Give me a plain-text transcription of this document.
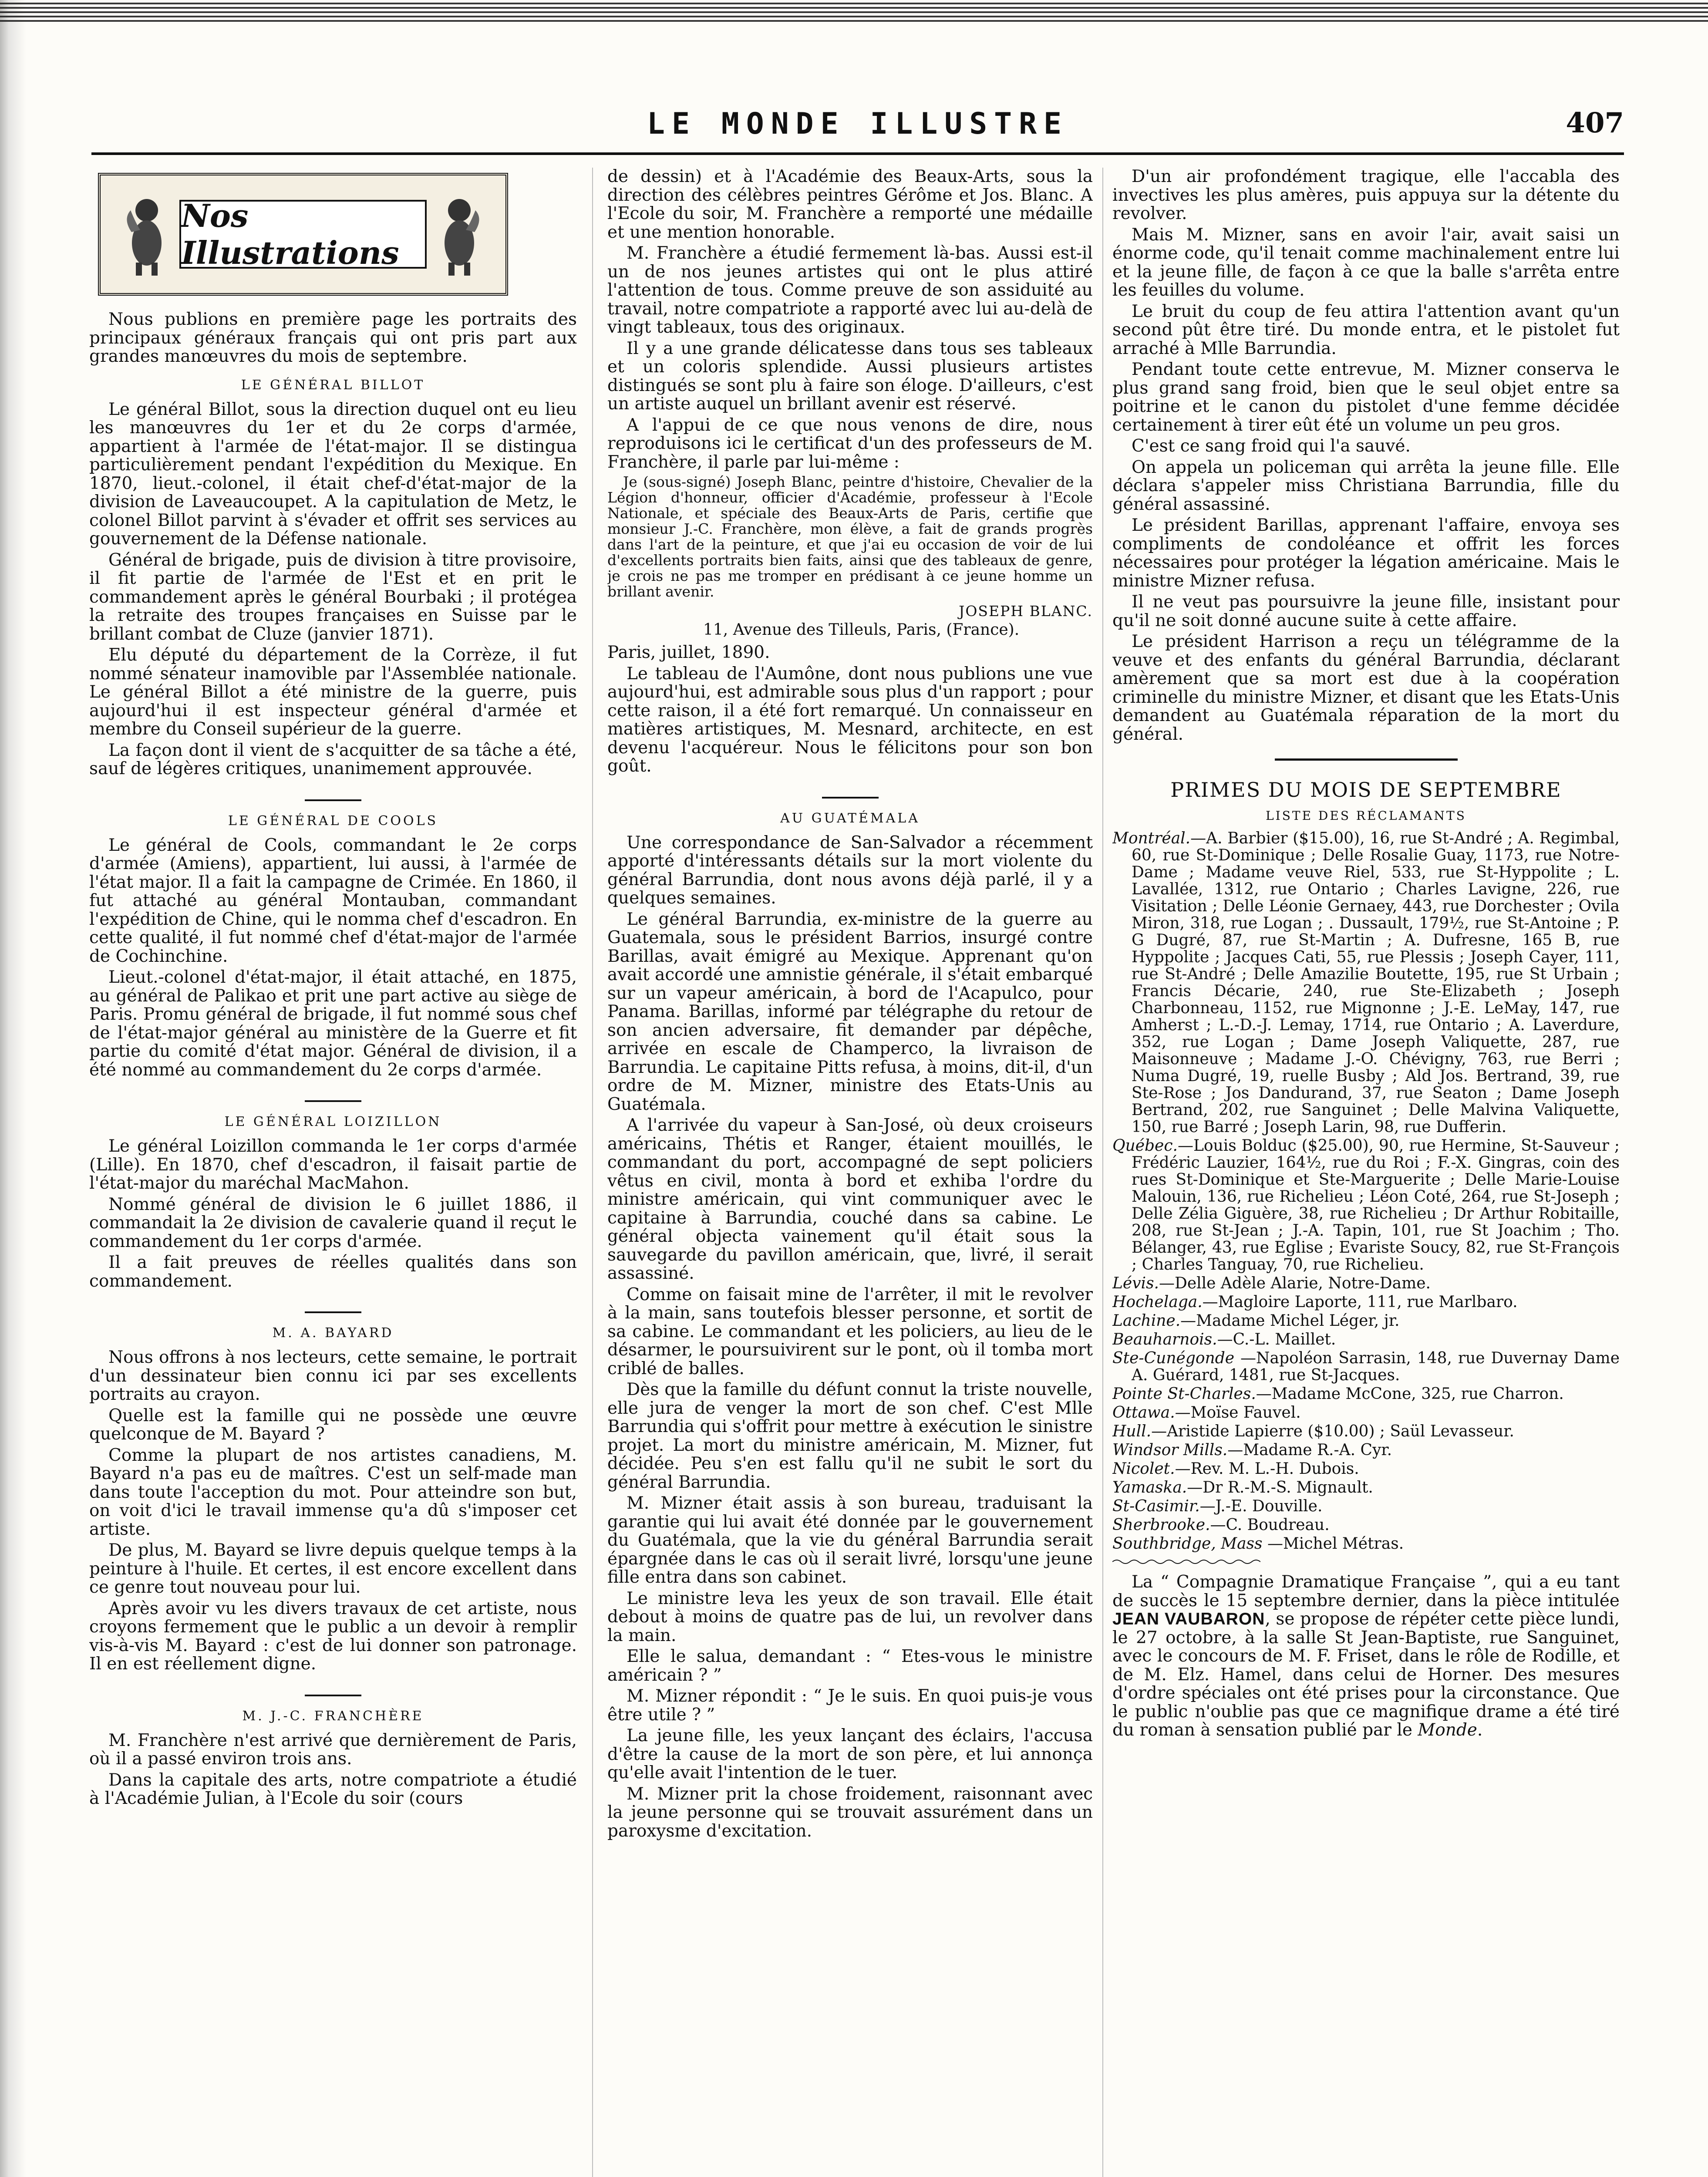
LE MONDE ILLUSTRE	407
Nos Illustrations

Nous publions en première page les portraits des principaux généraux français qui ont pris part aux grandes manœuvres du mois de septembre.

LE GÉNÉRAL BILLOT

Le général Billot, sous la direction duquel ont eu lieu les manœuvres du 1er et du 2e corps d'armée, appartient à l'armée de l'état-major. Il se distingua particulièrement pendant l'expédition du Mexique. En 1870, lieut.-colonel, il était chef-d'état-major de la division de Laveaucoupet. A la capitulation de Metz, le colonel Billot parvint à s'évader et offrit ses services au gouvernement de la Défense nationale.

Général de brigade, puis de division à titre provisoire, il fit partie de l'armée de l'Est et en prit le commandement après le général Bourbaki ; il protégea la retraite des troupes françaises en Suisse par le brillant combat de Cluze (janvier 1871).

Elu député du département de la Corrèze, il fut nommé sénateur inamovible par l'Assemblée nationale. Le général Billot a été ministre de la guerre, puis aujourd'hui il est inspecteur général d'armée et membre du Conseil supérieur de la guerre.

La façon dont il vient de s'acquitter de sa tâche a été, sauf de légères critiques, unanimement approuvée.

LE GÉNÉRAL DE COOLS

Le général de Cools, commandant le 2e corps d'armée (Amiens), appartient, lui aussi, à l'armée de l'état major. Il a fait la campagne de Crimée. En 1860, il fut attaché au général Montauban, commandant l'expédition de Chine, qui le nomma chef d'escadron. En cette qualité, il fut nommé chef d'état-major de l'armée de Cochinchine.

Lieut.-colonel d'état-major, il était attaché, en 1875, au général de Palikao et prit une part active au siège de Paris. Promu général de brigade, il fut nommé sous chef de l'état-major général au ministère de la Guerre et fit partie du comité d'état major. Général de division, il a été nommé au commandement du 2e corps d'armée.

LE GÉNÉRAL LOIZILLON

Le général Loizillon commanda le 1er corps d'armée (Lille). En 1870, chef d'escadron, il faisait partie de l'état-major du maréchal MacMahon.

Nommé général de division le 6 juillet 1886, il commandait la 2e division de cavalerie quand il reçut le commandement du 1er corps d'armée.

Il a fait preuves de réelles qualités dans son commandement.

M. A. BAYARD

Nous offrons à nos lecteurs, cette semaine, le portrait d'un dessinateur bien connu ici par ses excellents portraits au crayon.

Quelle est la famille qui ne possède une œuvre quelconque de M. Bayard ?

Comme la plupart de nos artistes canadiens, M. Bayard n'a pas eu de maîtres. C'est un self-made man dans toute l'acception du mot. Pour atteindre son but, on voit d'ici le travail immense qu'a dû s'imposer cet artiste.

De plus, M. Bayard se livre depuis quelque temps à la peinture à l'huile. Et certes, il est encore excellent dans ce genre tout nouveau pour lui.

Après avoir vu les divers travaux de cet artiste, nous croyons fermement que le public a un devoir à remplir vis-à-vis M. Bayard : c'est de lui donner son patronage. Il en est réellement digne.

M. J.-C. FRANCHÈRE

M. Franchère n'est arrivé que dernièrement de Paris, où il a passé environ trois ans.

Dans la capitale des arts, notre compatriote a étudié à l'Académie Julian, à l'Ecole du soir (cours

de dessin) et à l'Académie des Beaux-Arts, sous la direction des célèbres peintres Gérôme et Jos. Blanc. A l'Ecole du soir, M. Franchère a remporté une médaille et une mention honorable.

M. Franchère a étudié fermement là-bas. Aussi est-il un de nos jeunes artistes qui ont le plus attiré l'attention de tous. Comme preuve de son assiduité au travail, notre compatriote a rapporté avec lui au-delà de vingt tableaux, tous des originaux.

Il y a une grande délicatesse dans tous ses tableaux et un coloris splendide. Aussi plusieurs artistes distingués se sont plu à faire son éloge. D'ailleurs, c'est un artiste auquel un brillant avenir est réservé.

A l'appui de ce que nous venons de dire, nous reproduisons ici le certificat d'un des professeurs de M. Franchère, il parle par lui-même :

Je (sous-signé) Joseph Blanc, peintre d'histoire, Chevalier de la Légion d'honneur, officier d'Académie, professeur à l'Ecole Nationale, et spéciale des Beaux-Arts de Paris, certifie que monsieur J.-C. Franchère, mon élève, a fait de grands progrès dans l'art de la peinture, et que j'ai eu occasion de voir de lui d'excellents portraits bien faits, ainsi que des tableaux de genre, je crois ne pas me tromper en prédisant à ce jeune homme un brillant avenir.

JOSEPH BLANC.

11, Avenue des Tilleuls, Paris, (France).

Paris, juillet, 1890.

Le tableau de l'Aumône, dont nous publions une vue aujourd'hui, est admirable sous plus d'un rapport ; pour cette raison, il a été fort remarqué. Un connaisseur en matières artistiques, M. Mesnard, architecte, en est devenu l'acquéreur. Nous le félicitons pour son bon goût.

AU GUATÉMALA

Une correspondance de San-Salvador a récemment apporté d'intéressants détails sur la mort violente du général Barrundia, dont nous avons déjà parlé, il y a quelques semaines.

Le général Barrundia, ex-ministre de la guerre au Guatemala, sous le président Barrios, insurgé contre Barillas, avait émigré au Mexique. Apprenant qu'on avait accordé une amnistie générale, il s'était embarqué sur un vapeur américain, à bord de l'Acapulco, pour Panama. Barillas, informé par télégraphe du retour de son ancien adversaire, fit demander par dépêche, arrivée en escale de Champerco, la livraison de Barrundia. Le capitaine Pitts refusa, à moins, dit-il, d'un ordre de M. Mizner, ministre des Etats-Unis au Guatémala.

A l'arrivée du vapeur à San-José, où deux croiseurs américains, Thétis et Ranger, étaient mouillés, le commandant du port, accompagné de sept policiers vêtus en civil, monta à bord et exhiba l'ordre du ministre américain, qui vint communiquer avec le capitaine à Barrundia, couché dans sa cabine. Le général objecta vainement qu'il était sous la sauvegarde du pavillon américain, que, livré, il serait assassiné.

Comme on faisait mine de l'arrêter, il mit le revolver à la main, sans toutefois blesser personne, et sortit de sa cabine. Le commandant et les policiers, au lieu de le désarmer, le poursuivirent sur le pont, où il tomba mort criblé de balles.

Dès que la famille du défunt connut la triste nouvelle, elle jura de venger la mort de son chef. C'est Mlle Barrundia qui s'offrit pour mettre à exécution le sinistre projet. La mort du ministre américain, M. Mizner, fut décidée. Peu s'en est fallu qu'il ne subit le sort du général Barrundia.

M. Mizner était assis à son bureau, traduisant la garantie qui lui avait été donnée par le gouvernement du Guatémala, que la vie du général Barrundia serait épargnée dans le cas où il serait livré, lorsqu'une jeune fille entra dans son cabinet.

Le ministre leva les yeux de son travail. Elle était debout à moins de quatre pas de lui, un revolver dans la main.

Elle le salua, demandant : “ Etes-vous le ministre américain ? ”

M. Mizner répondit : “ Je le suis. En quoi puis-je vous être utile ? ”

La jeune fille, les yeux lançant des éclairs, l'accusa d'être la cause de la mort de son père, et lui annonça qu'elle avait l'intention de le tuer.

M. Mizner prit la chose froidement, raisonnant avec la jeune personne qui se trouvait assurément dans un paroxysme d'excitation.

D'un air profondément tragique, elle l'accabla des invectives les plus amères, puis appuya sur la détente du revolver.

Mais M. Mizner, sans en avoir l'air, avait saisi un énorme code, qu'il tenait comme machinalement entre lui et la jeune fille, de façon à ce que la balle s'arrêta entre les feuilles du volume.

Le bruit du coup de feu attira l'attention avant qu'un second pût être tiré. Du monde entra, et le pistolet fut arraché à Mlle Barrundia.

Pendant toute cette entrevue, M. Mizner conserva le plus grand sang froid, bien que le seul objet entre sa poitrine et le canon du pistolet d'une femme décidée certainement à tirer eût été un volume un peu gros.

C'est ce sang froid qui l'a sauvé.

On appela un policeman qui arrêta la jeune fille. Elle déclara s'appeler miss Christiana Barrundia, fille du général assassiné.

Le président Barillas, apprenant l'affaire, envoya ses compliments de condoléance et offrit les forces nécessaires pour protéger la légation américaine. Mais le ministre Mizner refusa.

Il ne veut pas poursuivre la jeune fille, insistant pour qu'il ne soit donné aucune suite à cette affaire.

Le président Harrison a reçu un télégramme de la veuve et des enfants du général Barrundia, déclarant amèrement que sa mort est due à la coopération criminelle du ministre Mizner, et disant que les Etats-Unis demandent au Guatémala réparation de la mort du général.

PRIMES DU MOIS DE SEPTEMBRE
LISTE DES RÉCLAMANTS
Montréal.—A. Barbier ($15.00), 16, rue St-André ; A. Regimbal, 60, rue St-Dominique ; Delle Rosalie Guay, 1173, rue Notre-Dame ; Madame veuve Riel, 533, rue St-Hyppolite ; L. Lavallée, 1312, rue Ontario ; Charles Lavigne, 226, rue Visitation ; Delle Léonie Gernaey, 443, rue Dorchester ; Ovila Miron, 318, rue Logan ; . Dussault, 179½, rue St-Antoine ; P. G Dugré, 87, rue St-Martin ; A. Dufresne, 165 B, rue Hyppolite ; Jacques Cati, 55, rue Plessis ; Joseph Cayer, 111, rue St-André ; Delle Amazilie Boutette, 195, rue St Urbain ; Francis Décarie, 240, rue Ste-Elizabeth ; Joseph Charbonneau, 1152, rue Mignonne ; J.-E. LeMay, 147, rue Amherst ; L.-D.-J. Lemay, 1714, rue Ontario ; A. Laverdure, 352, rue Logan ; Dame Joseph Valiquette, 287, rue Maisonneuve ; Madame J.-O. Chévigny, 763, rue Berri ; Numa Dugré, 19, ruelle Busby ; Ald Jos. Bertrand, 39, rue Ste-Rose ; Jos Dandurand, 37, rue Seaton ; Dame Joseph Bertrand, 202, rue Sanguinet ; Delle Malvina Valiquette, 150, rue Barré ; Joseph Larin, 98, rue Dufferin.
Québec.—Louis Bolduc ($25.00), 90, rue Hermine, St-Sauveur ; Frédéric Lauzier, 164½, rue du Roi ; F.-X. Gingras, coin des rues St-Dominique et Ste-Marguerite ; Delle Marie-Louise Malouin, 136, rue Richelieu ; Léon Coté, 264, rue St-Joseph ; Delle Zélia Giguère, 38, rue Richelieu ; Dr Arthur Robitaille, 208, rue St-Jean ; J.-A. Tapin, 101, rue St Joachim ; Tho. Bélanger, 43, rue Eglise ; Evariste Soucy, 82, rue St-François ; Charles Tanguay, 70, rue Richelieu.
Lévis.—Delle Adèle Alarie, Notre-Dame.
Hochelaga.—Magloire Laporte, 111, rue Marlbaro.
Lachine.—Madame Michel Léger, jr.
Beauharnois.—C.-L. Maillet.
Ste-Cunégonde —Napoléon Sarrasin, 148, rue Duvernay Dame A. Guérard, 1481, rue St-Jacques.
Pointe St-Charles.—Madame McCone, 325, rue Charron.
Ottawa.—Moïse Fauvel.
Hull.—Aristide Lapierre ($10.00) ; Saül Levasseur.
Windsor Mills.—Madame R.-A. Cyr.
Nicolet.—Rev. M. L.-H. Dubois.
Yamaska.—Dr R.-M.-S. Mignault.
St-Casimir.—J.-E. Douville.
Sherbrooke.—C. Boudreau.
Southbridge, Mass —Michel Métras.

La “ Compagnie Dramatique Française ”, qui a eu tant de succès le 15 septembre dernier, dans la pièce intitulée JEAN VAUBARON, se propose de répéter cette pièce lundi, le 27 octobre, à la salle St Jean-Baptiste, rue Sanguinet, avec le concours de M. F. Friset, dans le rôle de Rodille, et de M. Elz. Hamel, dans celui de Horner. Des mesures d'ordre spéciales ont été prises pour la circonstance. Que le public n'oublie pas que ce magnifique drame a été tiré du roman à sensation publié par le Monde.
